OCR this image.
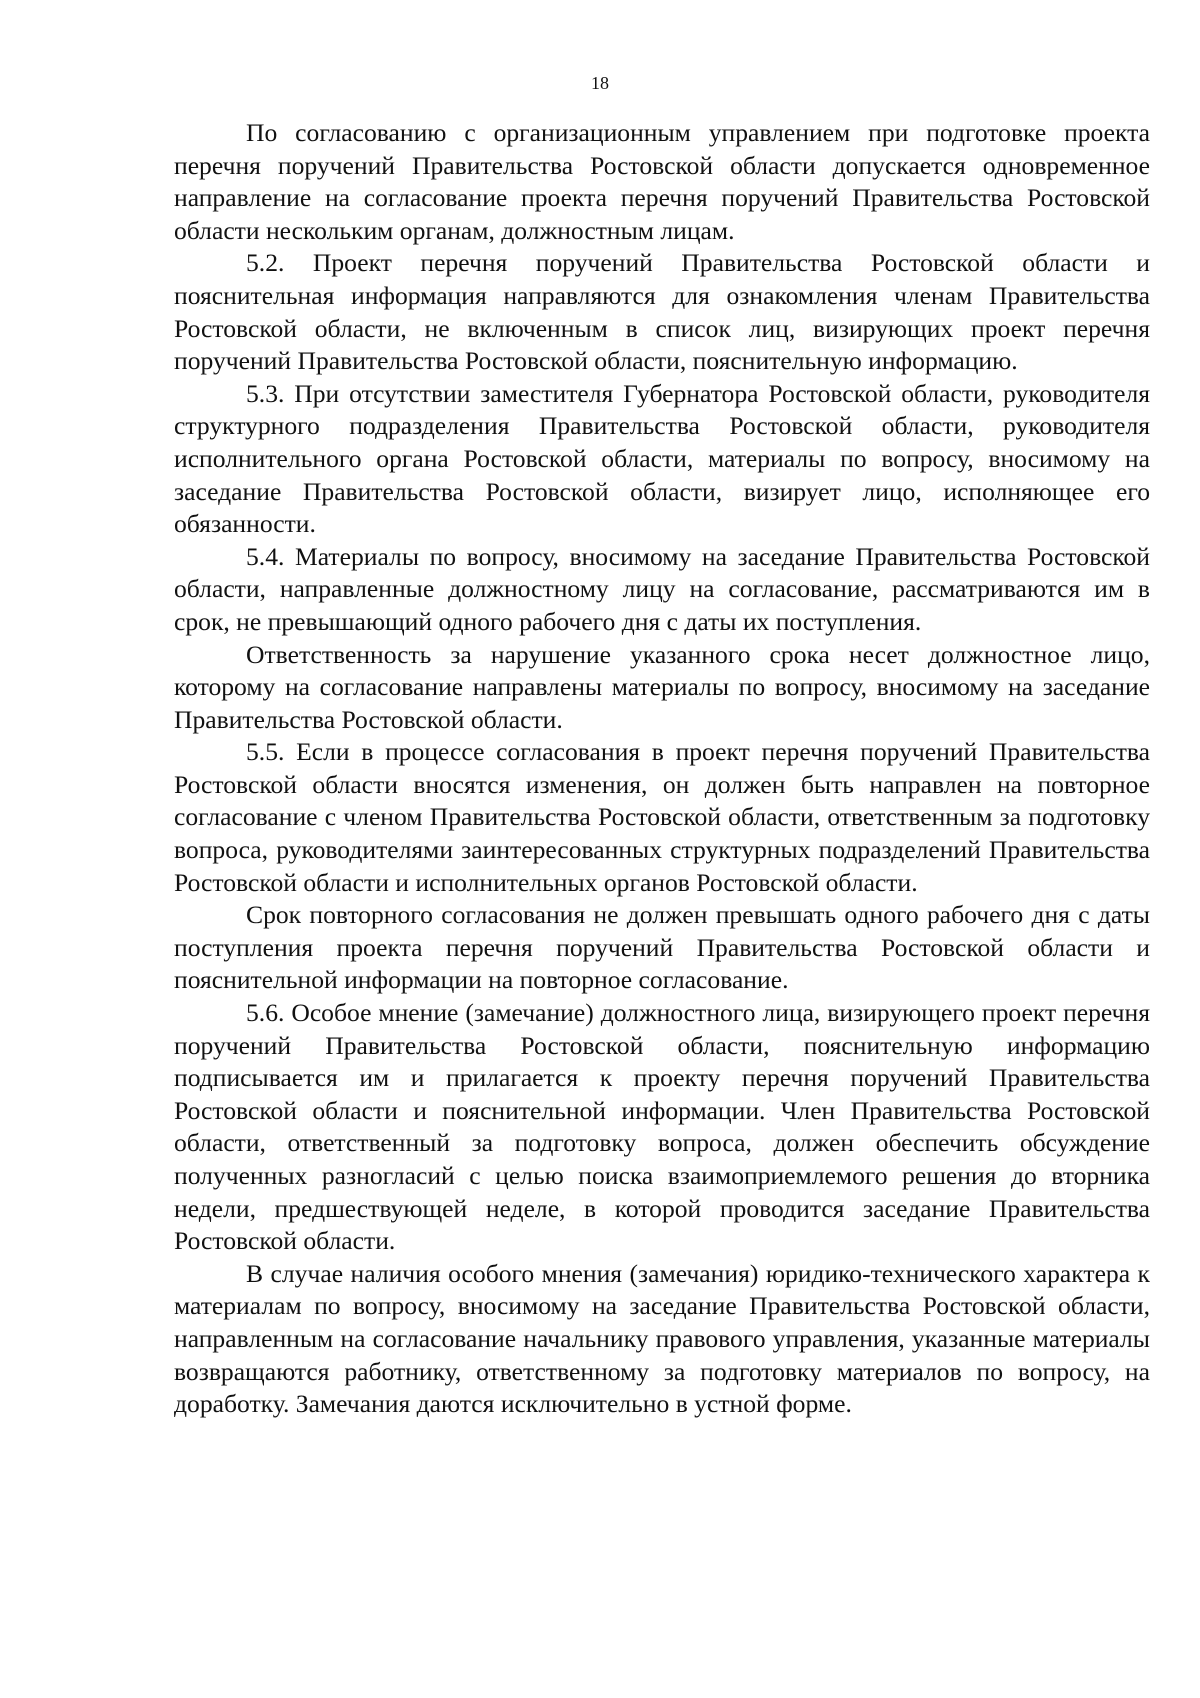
18

По согласованию с организационным управлением при подготовке проекта перечня поручений Правительства Ростовской области допускается одновременное направление на согласование проекта перечня поручений Правительства Ростовской области нескольким органам, должностным лицам.

5.2. Проект перечня поручений Правительства Ростовской области и пояснительная информация направляются для ознакомления членам Правительства Ростовской области, не включенным в список лиц, визирующих проект перечня поручений Правительства Ростовской области, пояснительную информацию.

5.3. При отсутствии заместителя Губернатора Ростовской области, руководителя структурного подразделения Правительства Ростовской области, руководителя исполнительного органа Ростовской области, материалы по вопросу, вносимому на заседание Правительства Ростовской области, визирует лицо, исполняющее его обязанности.

5.4. Материалы по вопросу, вносимому на заседание Правительства Ростовской области, направленные должностному лицу на согласование, рассматриваются им в срок, не превышающий одного рабочего дня с даты их поступления.

Ответственность за нарушение указанного срока несет должностное лицо, которому на согласование направлены материалы по вопросу, вносимому на заседание Правительства Ростовской области.

5.5. Если в процессе согласования в проект перечня поручений Правительства Ростовской области вносятся изменения, он должен быть направлен на повторное согласование с членом Правительства Ростовской области, ответственным за подготовку вопроса, руководителями заинтересованных структурных подразделений Правительства Ростовской области и исполнительных органов Ростовской области.

Срок повторного согласования не должен превышать одного рабочего дня с даты поступления проекта перечня поручений Правительства Ростовской области и пояснительной информации на повторное согласование.

5.6. Особое мнение (замечание) должностного лица, визирующего проект перечня поручений Правительства Ростовской области, пояснительную информацию подписывается им и прилагается к проекту перечня поручений Правительства Ростовской области и пояснительной информации. Член Правительства Ростовской области, ответственный за подготовку вопроса, должен обеспечить обсуждение полученных разногласий с целью поиска взаимоприемлемого решения до вторника недели, предшествующей неделе, в которой проводится заседание Правительства Ростовской области.

В случае наличия особого мнения (замечания) юридико-технического характера к материалам по вопросу, вносимому на заседание Правительства Ростовской области, направленным на согласование начальнику правового управления, указанные материалы возвращаются работнику, ответственному за подготовку материалов по вопросу, на доработку. Замечания даются исключительно в устной форме.
